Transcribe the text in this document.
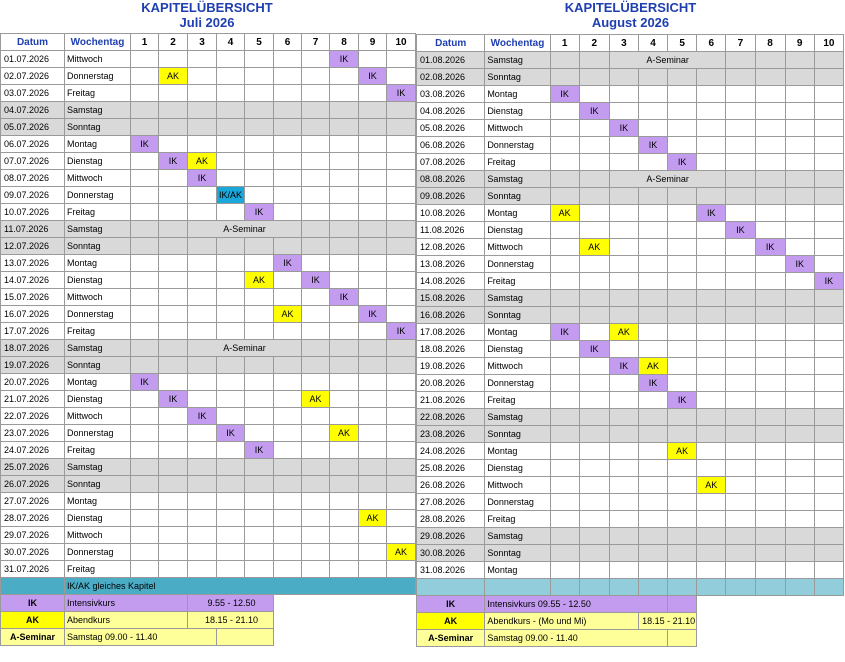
KAPITELÜBERSICHT
Juli 2026
Datum	Wochentag	1	2	3	4	5	6	7	8	9	10
01.07.2026	Mittwoch								IK		
02.07.2026	Donnerstag		AK							IK	
03.07.2026	Freitag										IK
04.07.2026	Samstag										
05.07.2026	Sonntag										
06.07.2026	Montag	IK									
07.07.2026	Dienstag		IK	AK							
08.07.2026	Mittwoch			IK							
09.07.2026	Donnerstag				IK/AK						
10.07.2026	Freitag					IK					
11.07.2026	Samstag			A-Seminar							
12.07.2026	Sonntag										
13.07.2026	Montag						IK				
14.07.2026	Dienstag					AK		IK			
15.07.2026	Mittwoch								IK		
16.07.2026	Donnerstag						AK			IK	
17.07.2026	Freitag										IK
18.07.2026	Samstag			A-Seminar							
19.07.2026	Sonntag										
20.07.2026	Montag	IK									
21.07.2026	Dienstag		IK					AK			
22.07.2026	Mittwoch			IK							
23.07.2026	Donnerstag				IK				AK		
24.07.2026	Freitag					IK					
25.07.2026	Samstag										
26.07.2026	Sonntag										
27.07.2026	Montag										
28.07.2026	Dienstag									AK	
29.07.2026	Mittwoch										
30.07.2026	Donnerstag										AK
31.07.2026	Freitag										
	IK/AK gleiches Kapitel										
IK	Intensivkurs			9.55 - 12.50							
AK	Abendkurs			18.15 - 21.10							
A-Seminar	Samstag 09.00 - 11.40										
KAPITELÜBERSICHT
August 2026
Datum	Wochentag	1	2	3	4	5	6	7	8	9	10
01.08.2026	Samstag			A-Seminar							
02.08.2026	Sonntag										
03.08.2026	Montag	IK									
04.08.2026	Dienstag		IK								
05.08.2026	Mittwoch			IK							
06.08.2026	Donnerstag				IK						
07.08.2026	Freitag					IK					
08.08.2026	Samstag			A-Seminar							
09.08.2026	Sonntag										
10.08.2026	Montag	AK					IK				
11.08.2026	Dienstag							IK			
12.08.2026	Mittwoch		AK						IK		
13.08.2026	Donnerstag									IK	
14.08.2026	Freitag										IK
15.08.2026	Samstag										
16.08.2026	Sonntag										
17.08.2026	Montag	IK		AK							
18.08.2026	Dienstag		IK								
19.08.2026	Mittwoch			IK	AK						
20.08.2026	Donnerstag				IK						
21.08.2026	Freitag					IK					
22.08.2026	Samstag										
23.08.2026	Sonntag										
24.08.2026	Montag					AK					
25.08.2026	Dienstag										
26.08.2026	Mittwoch						AK				
27.08.2026	Donnerstag										
28.08.2026	Freitag										
29.08.2026	Samstag										
30.08.2026	Sonntag										
31.08.2026	Montag										

IK	Intensivkurs 09.55 - 12.50										
AK	Abendkurs - (Mo und Mi)				18.15 - 21.10						
A-Seminar	Samstag 09.00 - 11.40										
